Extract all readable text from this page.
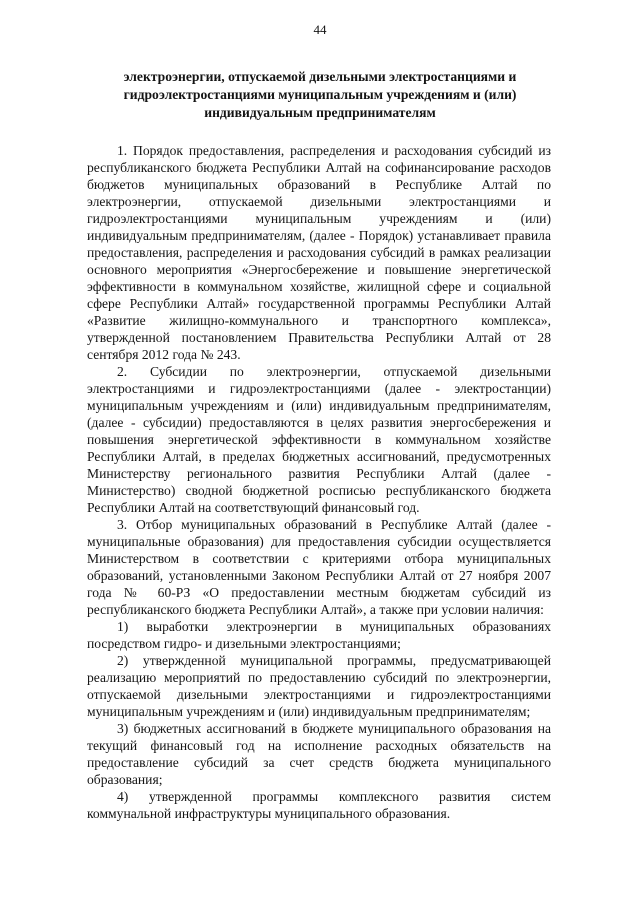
44
электроэнергии, отпускаемой дизельными электростанциями и гидроэлектростанциями муниципальным учреждениям и (или) индивидуальным предпринимателям

1. Порядок предоставления, распределения и расходования субсидий из республиканского бюджета Республики Алтай на софинансирование расходов бюджетов муниципальных образований в Республике Алтай по электроэнергии, отпускаемой дизельными электростанциями и гидроэлектростанциями муниципальным учреждениям и (или) индивидуальным предпринимателям, (далее - Порядок) устанавливает правила предоставления, распределения и расходования субсидий в рамках реализации основного мероприятия «Энергосбережение и повышение энергетической эффективности в коммунальном хозяйстве, жилищной сфере и социальной сфере Республики Алтай» государственной программы Республики Алтай «Развитие жилищно-коммунального и транспортного комплекса», утвержденной постановлением Правительства Республики Алтай от 28 сентября 2012 года № 243.

2. Субсидии по электроэнергии, отпускаемой дизельными электростанциями и гидроэлектростанциями (далее - электростанции) муниципальным учреждениям и (или) индивидуальным предпринимателям, (далее - субсидии) предоставляются в целях развития энергосбережения и повышения энергетической эффективности в коммунальном хозяйстве Республики Алтай, в пределах бюджетных ассигнований, предусмотренных Министерству регионального развития Республики Алтай (далее - Министерство) сводной бюджетной росписью республиканского бюджета Республики Алтай на соответствующий финансовый год.

3. Отбор муниципальных образований в Республике Алтай (далее - муниципальные образования) для предоставления субсидии осуществляется Министерством в соответствии с критериями отбора муниципальных образований, установленными Законом Республики Алтай от 27 ноября 2007 года № 60-РЗ «О предоставлении местным бюджетам субсидий из республиканского бюджета Республики Алтай», а также при условии наличия:

1) выработки электроэнергии в муниципальных образованиях посредством гидро- и дизельными электростанциями;

2) утвержденной муниципальной программы, предусматривающей реализацию мероприятий по предоставлению субсидий по электроэнергии, отпускаемой дизельными электростанциями и гидроэлектростанциями муниципальным учреждениям и (или) индивидуальным предпринимателям;

3) бюджетных ассигнований в бюджете муниципального образования на текущий финансовый год на исполнение расходных обязательств на предоставление субсидий за счет средств бюджета муниципального образования;

4) утвержденной программы комплексного развития систем коммунальной инфраструктуры муниципального образования.
